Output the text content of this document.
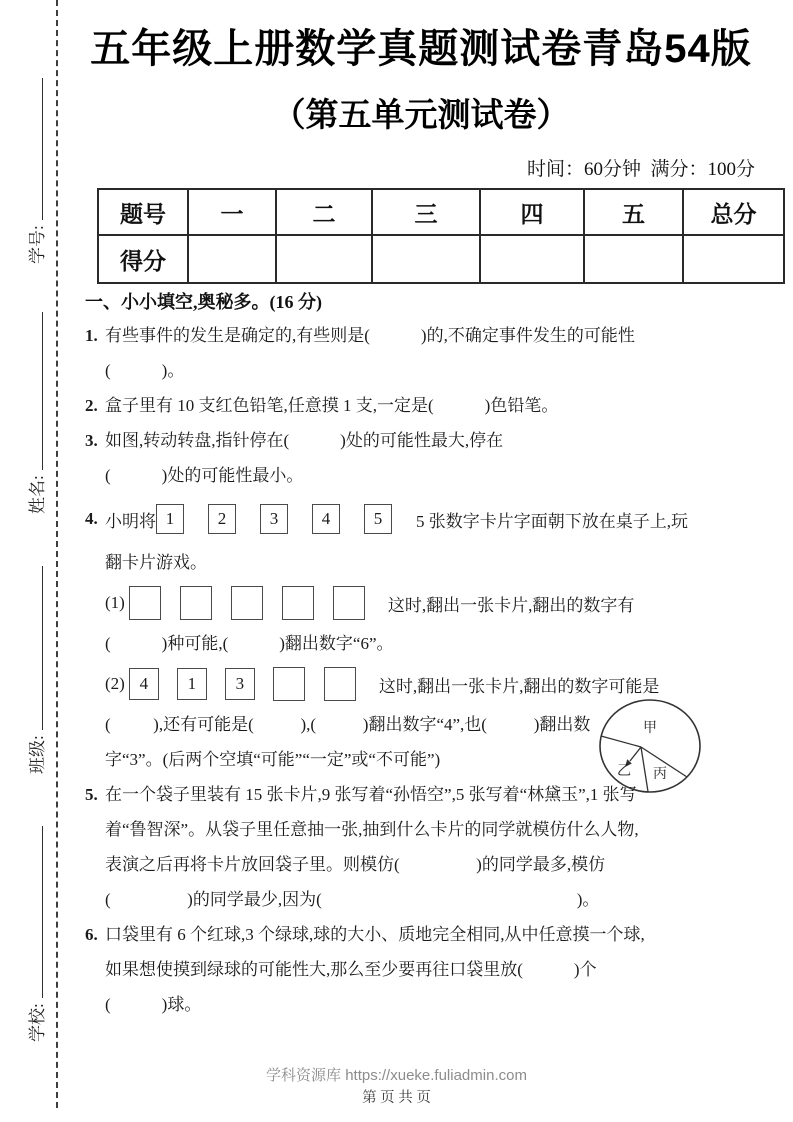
学号:
姓名:
班级:
学校:
五年级上册数学真题测试卷青岛54版
（第五单元测试卷）
时间：60分钟  满分：100分
题号	一	二	三	四	五	总分
得分						
一、小小填空,奥秘多。(16 分)
甲
乙 丙
1. 有些事件的发生是确定的,有些则是(            )的,不确定事件发生的可能性
(            )。
2. 盒子里有 10 支红色铅笔,任意摸 1 支,一定是(            )色铅笔。
3. 如图,转动转盘,指针停在(            )处的可能性最大,停在
(            )处的可能性最小。
4. 小明将 1	2	3	4	5	5 张数字卡片字面朝下放在桌子上,玩
翻卡片游戏。
(1)	这时,翻出一张卡片,翻出的数字有
(            )种可能,(            )翻出数字“6”。
(2) 4	1	3	这时,翻出一张卡片,翻出的数字可能是
(          ),还有可能是(           ),(           )翻出数字“4”,也(           )翻出数
字“3”。(后两个空填“可能”“一定”或“不可能”)
5. 在一个袋子里装有 15 张卡片,9 张写着“孙悟空”,5 张写着“林黛玉”,1 张写
着“鲁智深”。从袋子里任意抽一张,抽到什么卡片的同学就模仿什么人物,
表演之后再将卡片放回袋子里。则模仿(                  )的同学最多,模仿
(                  )的同学最少,因为(                                                            )。
6. 口袋里有 6 个红球,3 个绿球,球的大小、质地完全相同,从中任意摸一个球,
如果想使摸到绿球的可能性大,那么至少要再往口袋里放(            )个
(            )球。
学科资源库 https://xueke.fuliadmin.com
第 页 共 页
